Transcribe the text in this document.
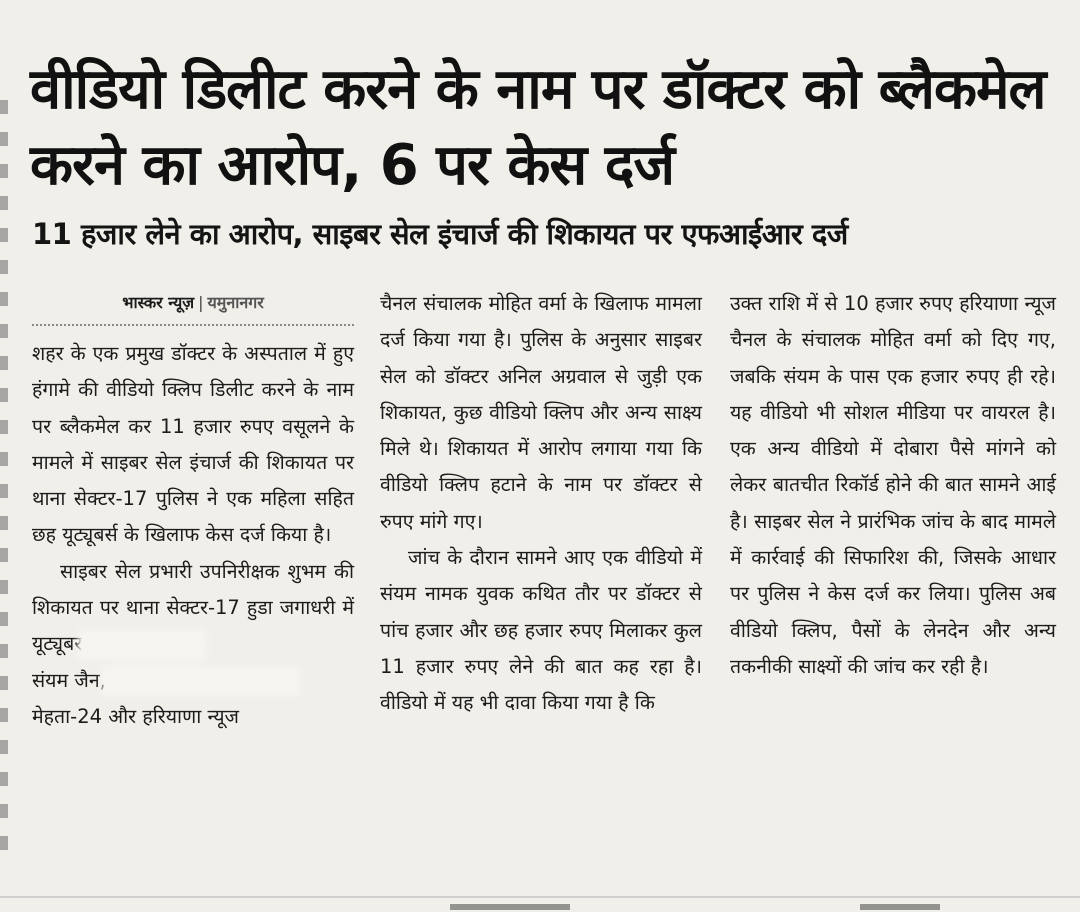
वीडियो डिलीट करने के नाम पर डॉक्टर को ब्लैकमेल करने का आरोप, 6 पर केस दर्ज
11 हजार लेने का आरोप, साइबर सेल इंचार्ज की शिकायत पर एफआईआर दर्ज
भास्कर न्यूज़ | यमुनानगर

शहर के एक प्रमुख डॉक्टर के अस्पताल में हुए हंगामे की वीडियो क्लिप डिलीट करने के नाम पर ब्लैकमेल कर 11 हजार रुपए वसूलने के मामले में साइबर सेल इंचार्ज की शिकायत पर थाना सेक्टर-17 पुलिस ने एक महिला सहित छह यूट्यूबर्स के खिलाफ केस दर्ज किया है।

साइबर सेल प्रभारी उपनिरीक्षक शुभम की शिकायत पर थाना सेक्टर-17 हुडा जगाधरी में यूट्यूबर

संयम जैन,

मेहता-24 और हरियाणा न्यूज

चैनल संचालक मोहित वर्मा के खिलाफ मामला दर्ज किया गया है। पुलिस के अनुसार साइबर सेल को डॉक्टर अनिल अग्रवाल से जुड़ी एक शिकायत, कुछ वीडियो क्लिप और अन्य साक्ष्य मिले थे। शिकायत में आरोप लगाया गया कि वीडियो क्लिप हटाने के नाम पर डॉक्टर से रुपए मांगे गए।

जांच के दौरान सामने आए एक वीडियो में संयम नामक युवक कथित तौर पर डॉक्टर से पांच हजार और छह हजार रुपए मिलाकर कुल 11 हजार रुपए लेने की बात कह रहा है। वीडियो में यह भी दावा किया गया है कि

उक्त राशि में से 10 हजार रुपए हरियाणा न्यूज चैनल के संचालक मोहित वर्मा को दिए गए, जबकि संयम के पास एक हजार रुपए ही रहे। यह वीडियो भी सोशल मीडिया पर वायरल है। एक अन्य वीडियो में दोबारा पैसे मांगने को लेकर बातचीत रिकॉर्ड होने की बात सामने आई है। साइबर सेल ने प्रारंभिक जांच के बाद मामले में कार्रवाई की सिफारिश की, जिसके आधार पर पुलिस ने केस दर्ज कर लिया। पुलिस अब वीडियो क्लिप, पैसों के लेनदेन और अन्य तकनीकी साक्ष्यों की जांच कर रही है।
